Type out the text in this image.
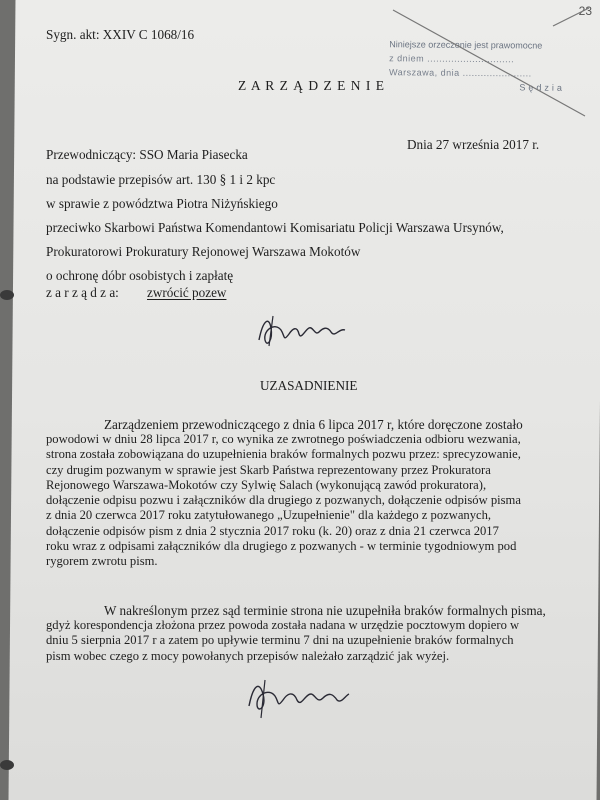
23
Sygn. akt: XXIV C 1068/16
Niniejsze orzeczenie jest prawomocne
z dniem .............................
Warszawa, dnia .......................
Sędzia
Z A R Z Ą D Z E N I E
Dnia 27 września 2017 r.
Przewodniczący: SSO Maria Piasecka
na podstawie przepisów art. 130 § 1 i 2 kpc
w sprawie z powództwa Piotra Niżyńskiego
przeciwko Skarbowi Państwa Komendantowi Komisariatu Policji Warszawa Ursynów,
Prokuratorowi Prokuratury Rejonowej Warszawa Mokotów
o ochronę dóbr osobistych i zapłatę
z a r z ą d z a: zwrócić pozew
UZASADNIENIE
Zarządzeniem przewodniczącego z dnia 6 lipca 2017 r, które doręczone zostało
powodowi w dniu 28 lipca 2017 r, co wynika ze zwrotnego poświadczenia odbioru wezwania,
strona została zobowiązana do uzupełnienia braków formalnych pozwu przez: sprecyzowanie,
czy drugim pozwanym w sprawie jest Skarb Państwa reprezentowany przez Prokuratora
Rejonowego Warszawa-Mokotów czy Sylwię Salach (wykonującą zawód prokuratora),
dołączenie odpisu pozwu i załączników dla drugiego z pozwanych, dołączenie odpisów pisma
z dnia 20 czerwca 2017 roku zatytułowanego „Uzupełnienie" dla każdego z pozwanych,
dołączenie odpisów pism z dnia 2 stycznia 2017 roku (k. 20) oraz z dnia 21 czerwca 2017
roku wraz z odpisami załączników dla drugiego z pozwanych - w terminie tygodniowym pod
rygorem zwrotu pism.
W nakreślonym przez sąd terminie strona nie uzupełniła braków formalnych pisma,
gdyż korespondencja złożona przez powoda została nadana w urzędzie pocztowym dopiero w
dniu 5 sierpnia 2017 r a zatem po upływie terminu 7 dni na uzupełnienie braków formalnych
pism wobec czego z mocy powołanych przepisów należało zarządzić jak wyżej.
